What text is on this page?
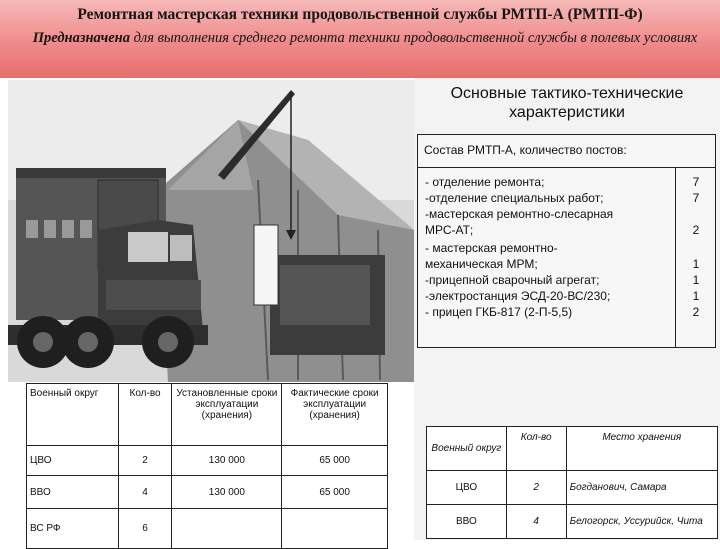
Ремонтная мастерская техники продовольственной службы РМТП-А (РМТП-Ф)
Предназначена для выполнения среднего ремонта техники продовольственной службы в полевых условиях
Основные тактико-технические характеристики
Состав РМТП-А, количество постов:
- отделение ремонта;	7
-отделение специальных работ;	7
-мастерская ремонтно-слесарная
МРС-АТ;	2
- мастерская ремонтно-
механическая МРМ;	1
-прицепной сварочный агрегат;	1
-электростанция ЭСД-20-ВС/230;	1
- прицеп ГКБ-817 (2-П-5,5)	2
Военный округ	Кол-во	Установленные сроки эксплуатации (хранения)	Фактические сроки эксплуатации (хранения)
ЦВО	2	130 000	65 000
ВВО	4	130 000	65 000
ВС РФ	6		
Военный округ	Кол-во	Место хранения
ЦВО	2	Богданович, Самара
ВВО	4	Белогорск, Уссурийск, Чита
